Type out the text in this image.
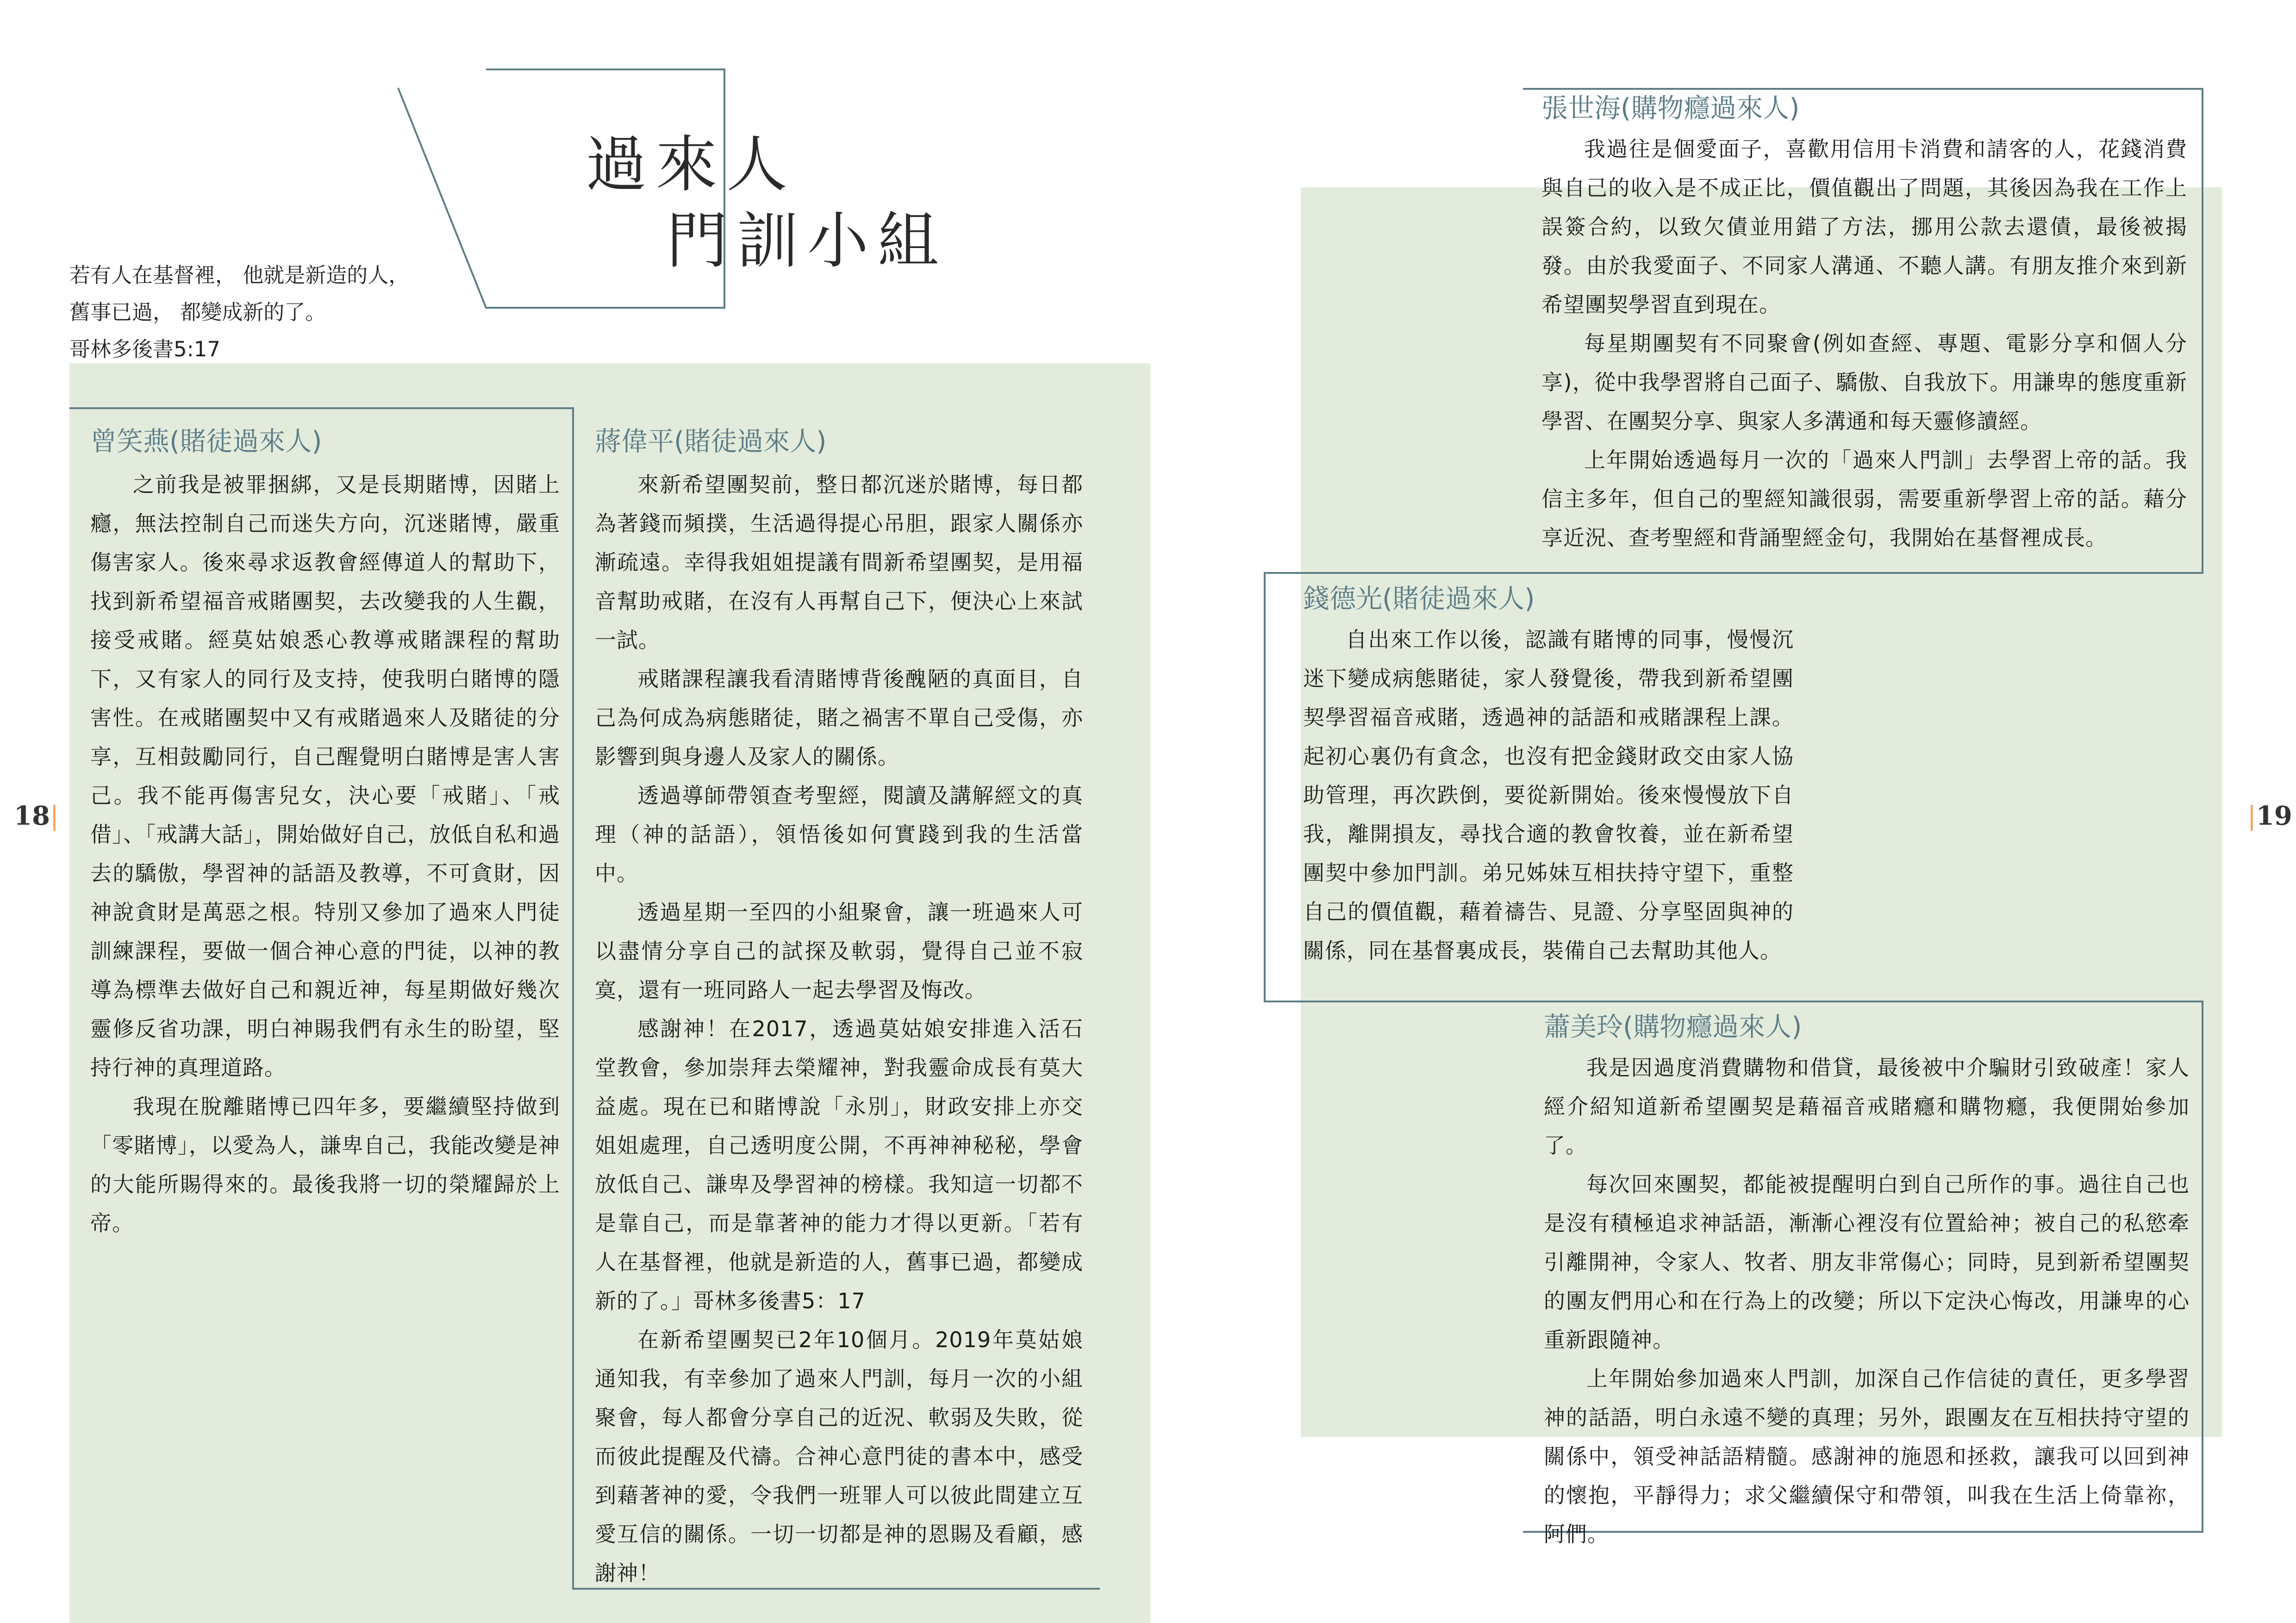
過來人
門訓小組
若有人在基督裡， 他就是新造的人，
舊事已過， 都變成新的了。
哥林多後書5:17
曾笑燕(賭徒過來人)

之前我是被罪捆綁，又是長期賭博，因賭上癮，無法控制自己而迷失方向，沉迷賭博，嚴重傷害家人。後來尋求返教會經傳道人的幫助下，找到新希望福音戒賭團契，去改變我的人生觀，接受戒賭。經莫姑娘悉心教導戒賭課程的幫助下，又有家人的同行及支持，使我明白賭博的隱害性。在戒賭團契中又有戒賭過來人及賭徒的分享，互相鼓勵同行，自己醒覺明白賭博是害人害己。我不能再傷害兒女，決心要「戒賭」、「戒借」、「戒講大話」，開始做好自己，放低自私和過去的驕傲，學習神的話語及教導，不可貪財，因神說貪財是萬惡之根。特別又參加了過來人門徒訓練課程，要做一個合神心意的門徒，以神的教導為標準去做好自己和親近神，每星期做好幾次靈修反省功課，明白神賜我們有永生的盼望，堅持行神的真理道路。

我現在脫離賭博已四年多，要繼續堅持做到「零賭博」，以愛為人，謙卑自己，我能改變是神的大能所賜得來的。最後我將一切的榮耀歸於上帝。

蔣偉平(賭徒過來人)

來新希望團契前，整日都沉迷於賭博，每日都為著錢而頻撲，生活過得提心吊胆，跟家人關係亦漸疏遠。幸得我姐姐提議有間新希望團契，是用福音幫助戒賭，在沒有人再幫自己下，便決心上來試一試。

戒賭課程讓我看清賭博背後醜陋的真面目，自己為何成為病態賭徒，賭之禍害不單自己受傷，亦影響到與身邊人及家人的關係。

透過導師帶領查考聖經，閱讀及講解經文的真理（神的話語），領悟後如何實踐到我的生活當中。

透過星期一至四的小組聚會，讓一班過來人可以盡情分享自己的試探及軟弱，覺得自己並不寂寞，還有一班同路人一起去學習及悔改。

感謝神！在2017，透過莫姑娘安排進入活石堂教會，參加崇拜去榮耀神，對我靈命成長有莫大益處。現在已和賭博說「永別」，財政安排上亦交姐姐處理，自己透明度公開，不再神神秘秘，學會放低自己、謙卑及學習神的榜樣。我知這一切都不是靠自己，而是靠著神的能力才得以更新。「若有人在基督裡，他就是新造的人，舊事已過，都變成新的了。」哥林多後書5：17

在新希望團契已2年10個月。2019年莫姑娘通知我，有幸參加了過來人門訓，每月一次的小組聚會，每人都會分享自己的近況、軟弱及失敗，從而彼此提醒及代禱。合神心意門徒的書本中，感受到藉著神的愛，令我們一班罪人可以彼此間建立互愛互信的關係。一切一切都是神的恩賜及看顧，感謝神！

張世海(購物癮過來人)

我過往是個愛面子，喜歡用信用卡消費和請客的人，花錢消費與自己的收入是不成正比，價值觀出了問題，其後因為我在工作上誤簽合約，以致欠債並用錯了方法，挪用公款去還債，最後被揭發。由於我愛面子、不同家人溝通、不聽人講。有朋友推介來到新希望團契學習直到現在。

每星期團契有不同聚會(例如查經、專題、電影分享和個人分享)，從中我學習將自己面子、驕傲、自我放下。用謙卑的態度重新學習、在團契分享、與家人多溝通和每天靈修讀經。

上年開始透過每月一次的「過來人門訓」去學習上帝的話。我信主多年，但自己的聖經知識很弱，需要重新學習上帝的話。藉分享近況、查考聖經和背誦聖經金句，我開始在基督裡成長。

錢德光(賭徒過來人)

自出來工作以後，認識有賭博的同事，慢慢沉迷下變成病態賭徒，家人發覺後，帶我到新希望團契學習福音戒賭，透過神的話語和戒賭課程上課。起初心裏仍有貪念，也沒有把金錢財政交由家人協助管理，再次跌倒，要從新開始。後來慢慢放下自我，離開損友，尋找合適的教會牧養，並在新希望團契中參加門訓。弟兄姊妹互相扶持守望下，重整自己的價值觀，藉着禱告、見證、分享堅固與神的關係，同在基督裏成長，裝備自己去幫助其他人。

蕭美玲(購物癮過來人)

我是因過度消費購物和借貸，最後被中介騙財引致破產！家人經介紹知道新希望團契是藉福音戒賭癮和購物癮，我便開始參加了。

每次回來團契，都能被提醒明白到自己所作的事。過往自己也是沒有積極追求神話語，漸漸心裡沒有位置給神；被自己的私慾牽引離開神，令家人、牧者、朋友非常傷心；同時，見到新希望團契的團友們用心和在行為上的改變；所以下定決心悔改，用謙卑的心重新跟隨神。

上年開始參加過來人門訓，加深自己作信徒的責任，更多學習神的話語，明白永遠不變的真理；另外，跟團友在互相扶持守望的關係中，領受神話語精髓。感謝神的施恩和拯救，讓我可以回到神的懷抱，平靜得力；求父繼續保守和帶領，叫我在生活上倚靠祢，阿們。

18|	|19
